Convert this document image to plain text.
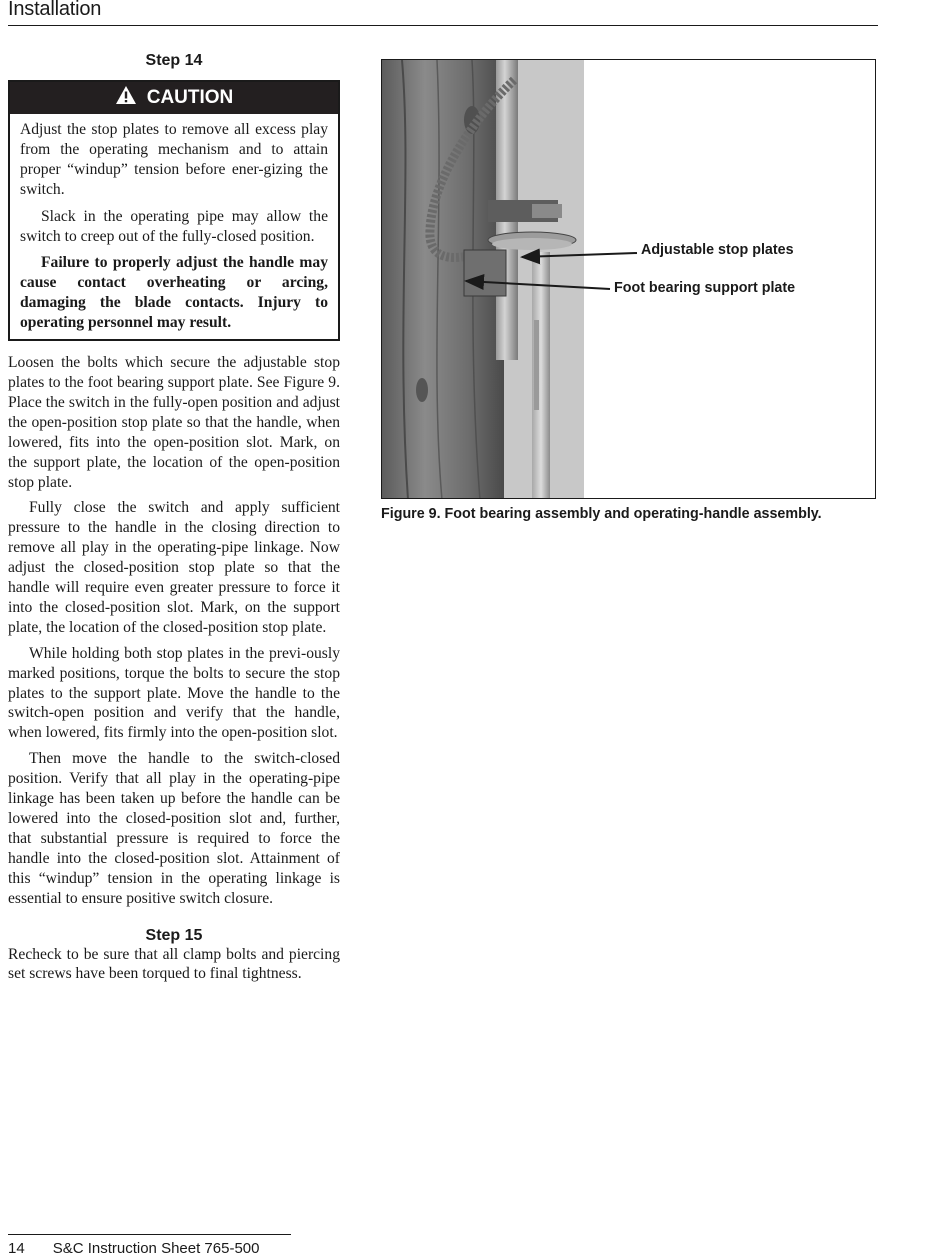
Installation
Step 14
CAUTION

Adjust the stop plates to remove all excess play from the operating mechanism and to attain proper “windup” tension before ener-gizing the switch.

Slack in the operating pipe may allow the switch to creep out of the fully-closed position.

Failure to properly adjust the handle may cause contact overheating or arcing, damaging the blade contacts. Injury to operating personnel may result.

Loosen the bolts which secure the adjustable stop plates to the foot bearing support plate. See Figure 9. Place the switch in the fully-open position and adjust the open-position stop plate so that the handle, when lowered, fits into the open-position slot. Mark, on the support plate, the location of the open-position stop plate.

Fully close the switch and apply sufficient pressure to the handle in the closing direction to remove all play in the operating-pipe linkage. Now adjust the closed-position stop plate so that the handle will require even greater pressure to force it into the closed-position slot. Mark, on the support plate, the location of the closed-position stop plate.

While holding both stop plates in the previ-ously marked positions, torque the bolts to secure the stop plates to the support plate. Move the handle to the switch-open position and verify that the handle, when lowered, fits firmly into the open-position slot.

Then move the handle to the switch-closed position. Verify that all play in the operating-pipe linkage has been taken up before the handle can be lowered into the closed-position slot and, further, that substantial pressure is required to force the handle into the closed-position slot. Attainment of this “windup” tension in the operating linkage is essential to ensure positive switch closure.

Step 15

Recheck to be sure that all clamp bolts and piercing set screws have been torqued to final tightness.

Adjustable stop plates
Foot bearing support plate
Figure 9. Foot bearing assembly and operating-handle assembly.
14 S&C Instruction Sheet 765-500
